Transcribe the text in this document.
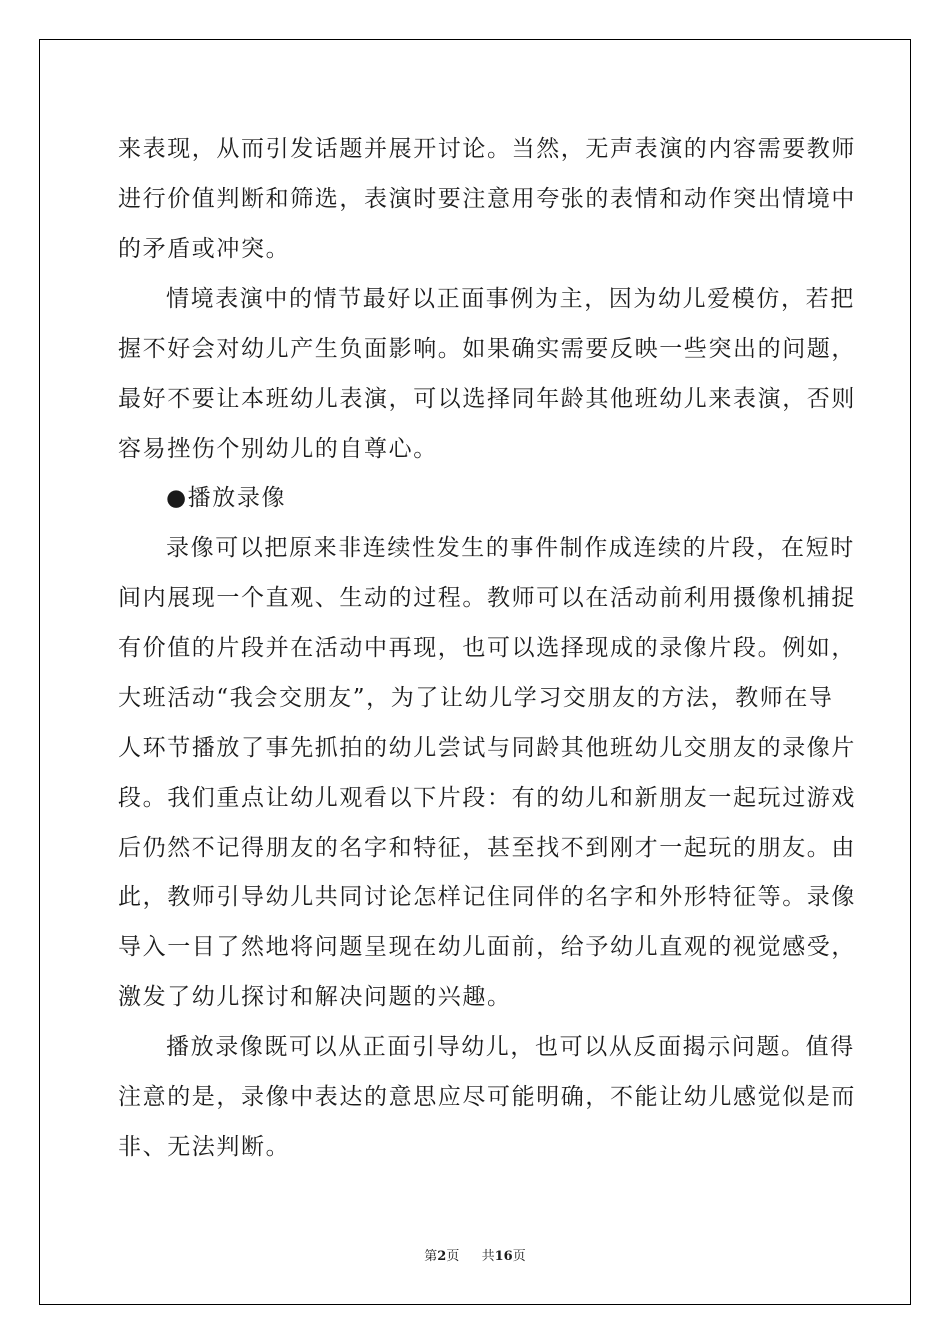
来表现，从而引发话题并展开讨论。当然，无声表演的内容需要教师
进行价值判断和筛选，表演时要注意用夸张的表情和动作突出情境中
的矛盾或冲突。
情境表演中的情节最好以正面事例为主，因为幼儿爱模仿，若把
握不好会对幼儿产生负面影响。如果确实需要反映一些突出的问题，
最好不要让本班幼儿表演，可以选择同年龄其他班幼儿来表演，否则
容易挫伤个别幼儿的自尊心。
●播放录像
录像可以把原来非连续性发生的事件制作成连续的片段，在短时
间内展现一个直观、生动的过程。教师可以在活动前利用摄像机捕捉
有价值的片段并在活动中再现，也可以选择现成的录像片段。例如，
大班活动“我会交朋友”，为了让幼儿学习交朋友的方法，教师在导
人环节播放了事先抓拍的幼儿尝试与同龄其他班幼儿交朋友的录像片
段。我们重点让幼儿观看以下片段：有的幼儿和新朋友一起玩过游戏
后仍然不记得朋友的名字和特征，甚至找不到刚才一起玩的朋友。由
此，教师引导幼儿共同讨论怎样记住同伴的名字和外形特征等。录像
导入一目了然地将问题呈现在幼儿面前，给予幼儿直观的视觉感受，
激发了幼儿探讨和解决问题的兴趣。
播放录像既可以从正面引导幼儿，也可以从反面揭示问题。值得
注意的是，录像中表达的意思应尽可能明确，不能让幼儿感觉似是而
非、无法判断。
第2页 共16页
